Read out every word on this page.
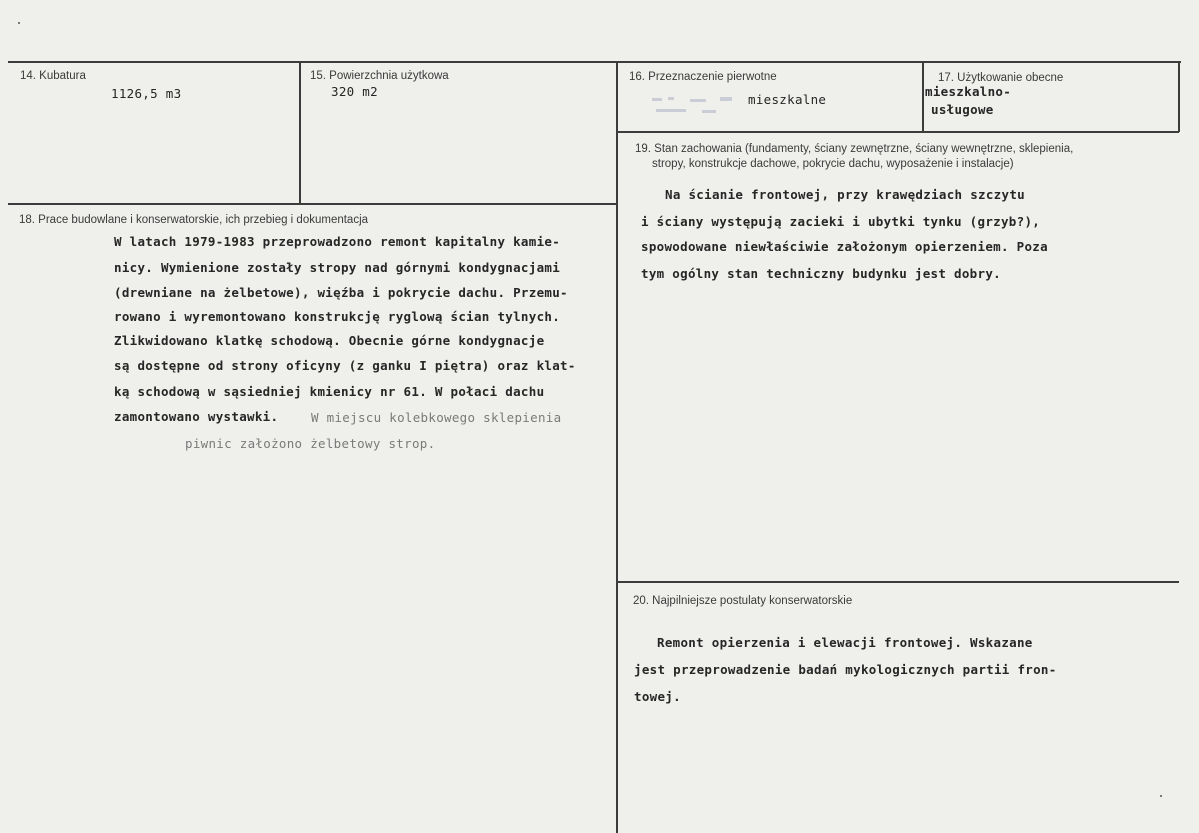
14. Kubatura
1126,5 m3
15. Powierzchnia użytkowa
320 m2
16. Przeznaczenie pierwotne
mieszkalne
17. Użytkowanie obecne
mieszkalno-
usługowe
18. Prace budowlane i konserwatorskie, ich przebieg i dokumentacja
W latach 1979-1983 przeprowadzono remont kapitalny kamie-
nicy. Wymienione zostały stropy nad górnymi kondygnacjami
(drewniane na żelbetowe), więźba i pokrycie dachu. Przemu-
rowano i wyremontowano konstrukcję ryglową ścian tylnych.
Zlikwidowano klatkę schodową. Obecnie górne kondygnacje
są dostępne od strony oficyny (z ganku I piętra) oraz klat-
ką schodową w sąsiedniej kmienicy nr 61. W połaci dachu
zamontowano wystawki.	W miejscu kolebkowego sklepienia
piwnic założono żelbetowy strop.
19. Stan zachowania (fundamenty, ściany zewnętrzne, ściany wewnętrzne, sklepienia,
stropy, konstrukcje dachowe, pokrycie dachu, wyposażenie i instalacje)
Na ścianie frontowej, przy krawędziach szczytu
i ściany występują zacieki i ubytki tynku (grzyb?),
spowodowane niewłaściwie założonym opierzeniem. Poza
tym ogólny stan techniczny budynku jest dobry.
20. Najpilniejsze postulaty konserwatorskie
Remont opierzenia i elewacji frontowej. Wskazane
jest przeprowadzenie badań mykologicznych partii fron-
towej.
